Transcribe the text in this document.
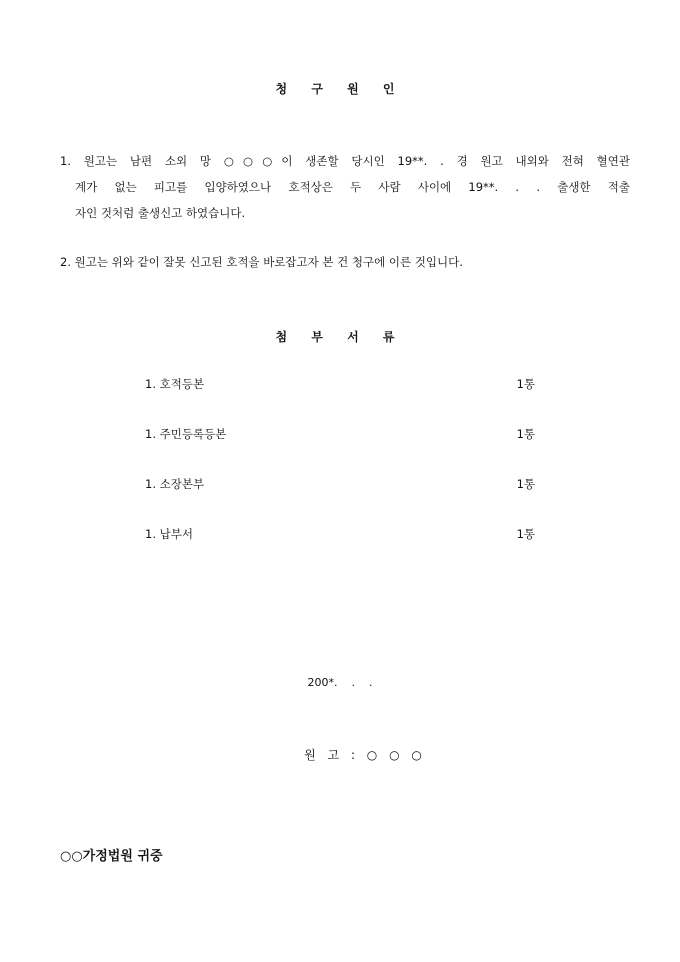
청 구 원 인
1. 원고는 남편 소외 망 ○○○이 생존할 당시인 19**. . 경 원고 내외와 전혀 혈연관
계가 없는 피고를 입양하였으나 호적상은 두 사람 사이에 19**. . . 출생한 적출
자인 것처럼 출생신고 하였습니다.
2. 원고는 위와 같이 잘못 신고된 호적을 바로잡고자 본 건 청구에 이른 것입니다.
첨 부 서 류
1. 호적등본	1통
1. 주민등록등본	1통
1. 소장본부	1통
1. 납부서	1통
200*.    .    .
원 고 : ○ ○ ○
○○가정법원 귀중
